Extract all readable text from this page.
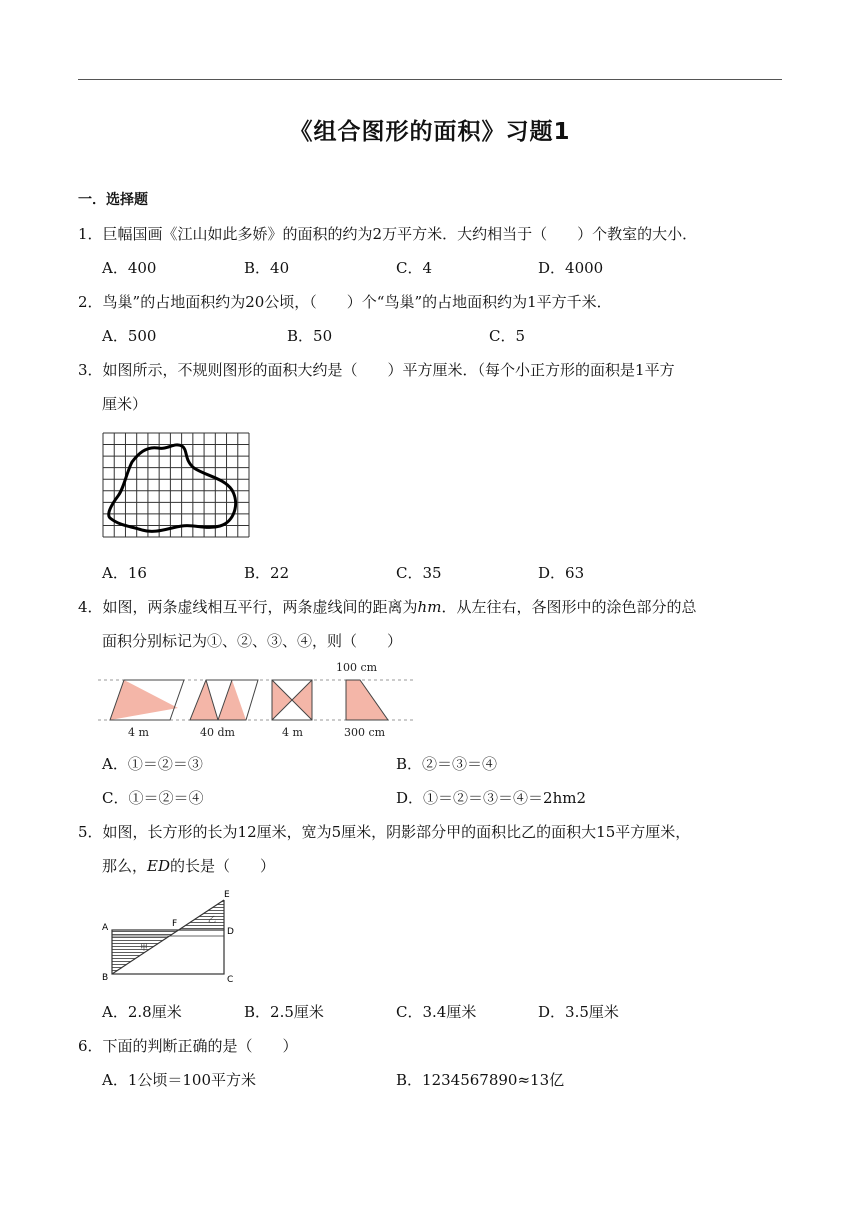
《组合图形的面积》习题1
一．选择题
1．巨幅国画《江山如此多娇》的面积的约为2万平方米．大约相当于（　　）个教室的大小．
A．400	B．40	C．4	D．4000
2．鸟巢”的占地面积约为20公顷，（　　）个“鸟巢”的占地面积约为1平方千米．
A．500	B．50	C．5
3．如图所示，不规则图形的面积大约是（　　）平方厘米．（每个小正方形的面积是1平方
厘米）
A．16	B．22	C．35	D．63
4．如图，两条虚线相互平行，两条虚线间的距离为hm．从左往右，各图形中的涂色部分的总
面积分别标记为①、②、③、④，则（　　）
4 m	40 dm	4 m	300 cm
100 cm
A．①＝②＝③	B．②＝③＝④
C．①＝②＝④	D．①＝②＝③＝④＝2hm2
5．如图，长方形的长为12厘米，宽为5厘米，阴影部分甲的面积比乙的面积大15平方厘米，
那么，ED的长是（　　）
A
B	C
D
E
F
甲
乙
A．2.8厘米	B．2.5厘米	C．3.4厘米	D．3.5厘米
6．下面的判断正确的是（　　）
A．1公顷＝100平方米	B．1234567890≈13亿
